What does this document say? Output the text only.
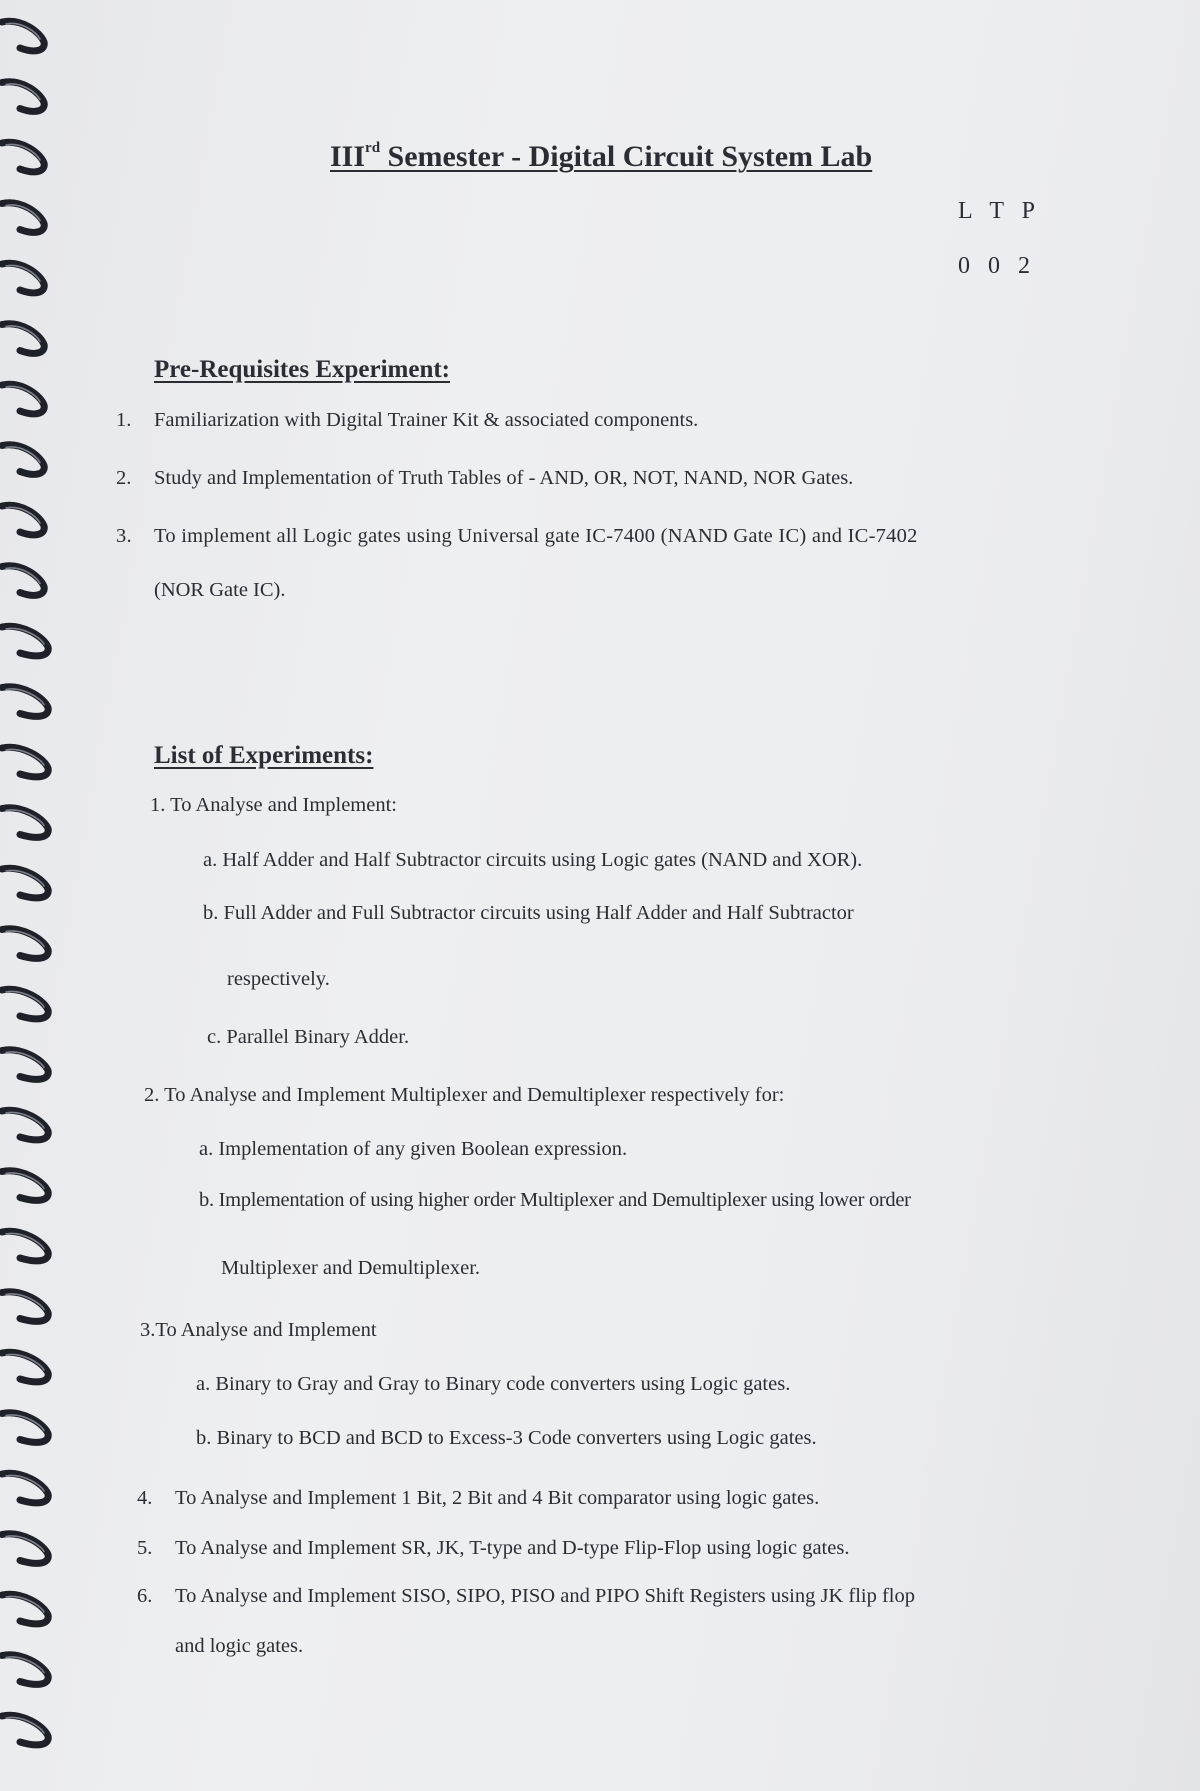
IIIrd Semester - Digital Circuit System Lab
L T P
0 0 2
Pre-Requisites Experiment:
1. Familiarization with Digital Trainer Kit & associated components.
2. Study and Implementation of Truth Tables of - AND, OR, NOT, NAND, NOR Gates.
3. To implement all Logic gates using Universal gate IC-7400 (NAND Gate IC) and IC-7402
(NOR Gate IC).
List of Experiments:
1. To Analyse and Implement:
a. Half Adder and Half Subtractor circuits using Logic gates (NAND and XOR).
b. Full Adder and Full Subtractor circuits using Half Adder and Half Subtractor
respectively.
c. Parallel Binary Adder.
2. To Analyse and Implement Multiplexer and Demultiplexer respectively for:
a. Implementation of any given Boolean expression.
b. Implementation of using higher order Multiplexer and Demultiplexer using lower order
Multiplexer and Demultiplexer.
3.To Analyse and Implement
a. Binary to Gray and Gray to Binary code converters using Logic gates.
b. Binary to BCD and BCD to Excess-3 Code converters using Logic gates.
4. To Analyse and Implement 1 Bit, 2 Bit and 4 Bit comparator using logic gates.
5. To Analyse and Implement SR, JK, T-type and D-type Flip-Flop using logic gates.
6. To Analyse and Implement SISO, SIPO, PISO and PIPO Shift Registers using JK flip flop
and logic gates.
